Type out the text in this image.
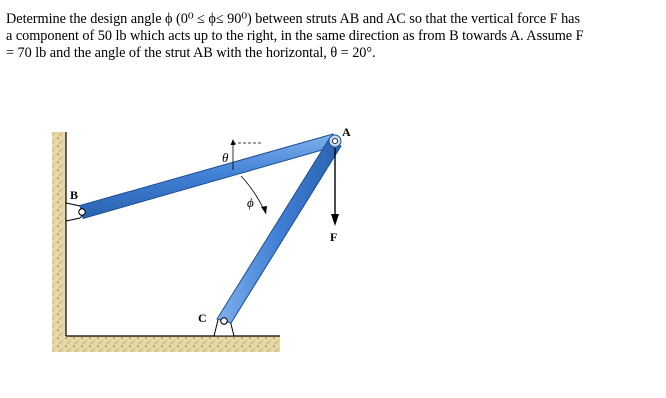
Determine the design angle ϕ (0⁰ ≤ ϕ≤ 90⁰) between struts AB and AC so that the vertical force F has
a component of 50 lb which acts up to the right, in the same direction as from B towards A. Assume F
= 70 lb and the angle of the strut AB with the horizontal, θ = 20°.
A
B
C
F
θ
ϕ
